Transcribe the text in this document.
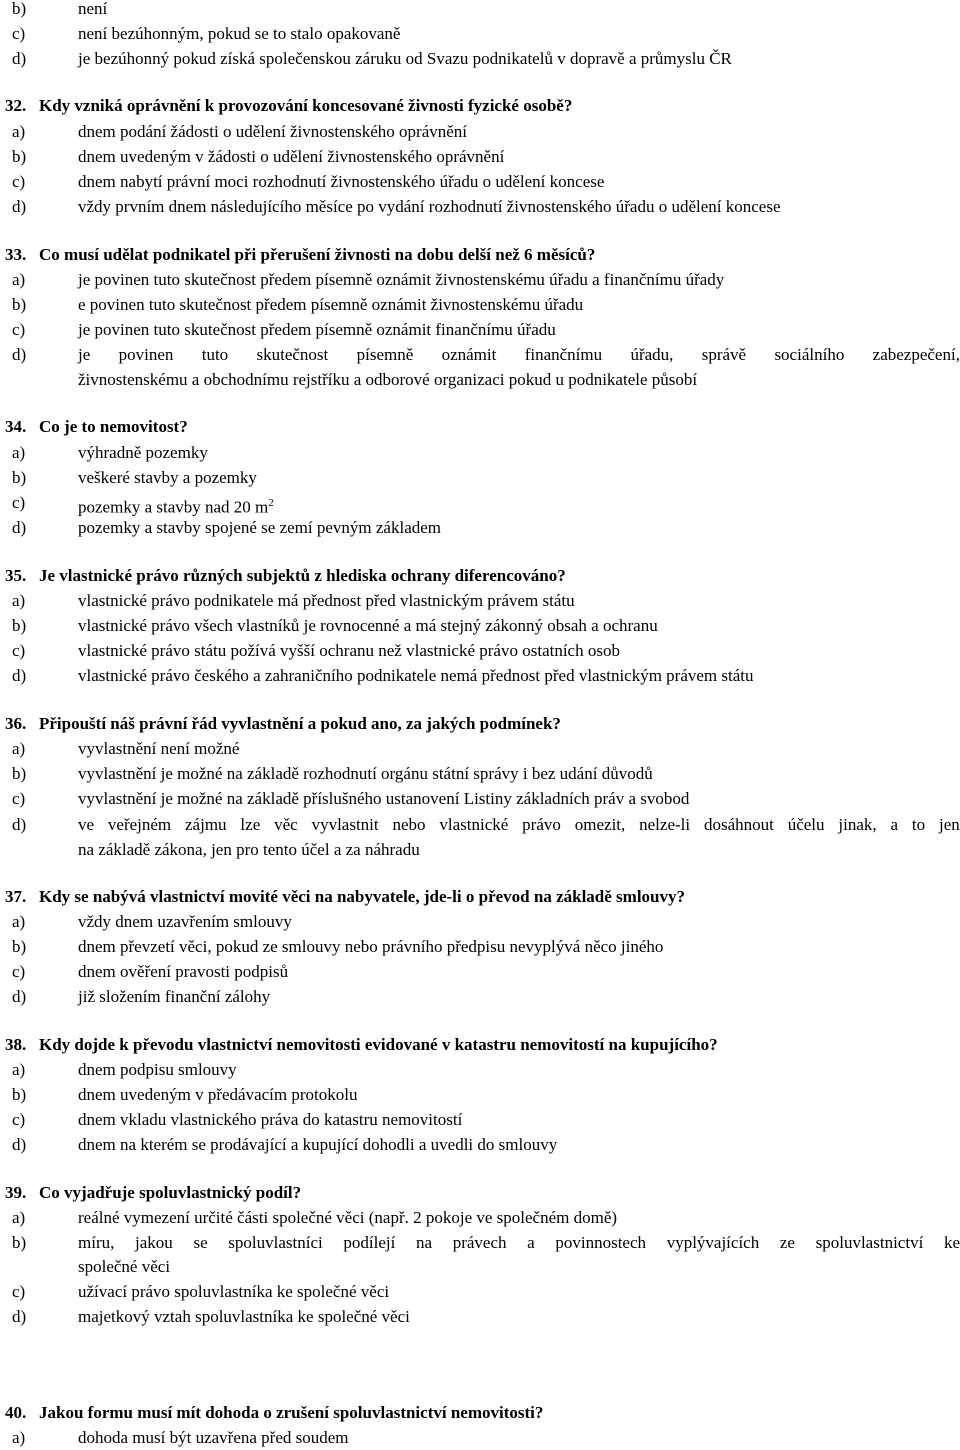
b)	není
c)	není bezúhonným, pokud se to stalo opakovaně
d)	je bezúhonný pokud získá společenskou záruku od Svazu podnikatelů v dopravě a průmyslu ČR
32. Kdy vzniká oprávnění k provozování koncesované živnosti fyzické osobě?
a)	dnem podání žádosti o udělení živnostenského oprávnění
b)	dnem uvedeným v žádosti o udělení živnostenského oprávnění
c)	dnem nabytí právní moci rozhodnutí živnostenského úřadu o udělení koncese
d)	vždy prvním dnem následujícího měsíce po vydání rozhodnutí živnostenského úřadu o udělení koncese
33. Co musí udělat podnikatel při přerušení živnosti na dobu delší než 6 měsíců?
a)	je povinen tuto skutečnost předem písemně oznámit živnostenskému úřadu a finančnímu úřady
b)	e povinen tuto skutečnost předem písemně oznámit živnostenskému úřadu
c)	je povinen tuto skutečnost předem písemně oznámit finančnímu úřadu
d)	je povinen tuto skutečnost písemně oznámit finančnímu úřadu, správě sociálního zabezpečení,
živnostenskému a obchodnímu rejstříku a odborové organizaci pokud u podnikatele působí
34. Co je to nemovitost?
a)	výhradně pozemky
b)	veškeré stavby a pozemky
c)	pozemky a stavby nad 20 $m^2$
d)	pozemky a stavby spojené se zemí pevným základem
35. Je vlastnické právo různých subjektů z hlediska ochrany diferencováno?
a)	vlastnické právo podnikatele má přednost před vlastnickým právem státu
b)	vlastnické právo všech vlastníků je rovnocenné a má stejný zákonný obsah a ochranu
c)	vlastnické právo státu požívá vyšší ochranu než vlastnické právo ostatních osob
d)	vlastnické právo českého a zahraničního podnikatele nemá přednost před vlastnickým právem státu
36. Připouští náš právní řád vyvlastnění a pokud ano, za jakých podmínek?
a)	vyvlastnění není možné
b)	vyvlastnění je možné na základě rozhodnutí orgánu státní správy i bez udání důvodů
c)	vyvlastnění je možné na základě příslušného ustanovení Listiny základních práv a svobod
d)	ve veřejném zájmu lze věc vyvlastnit nebo vlastnické právo omezit, nelze-li dosáhnout účelu jinak, a to jen
na základě zákona, jen pro tento účel a za náhradu
37. Kdy se nabývá vlastnictví movité věci na nabyvatele, jde-li o převod na základě smlouvy?
a)	vždy dnem uzavřením smlouvy
b)	dnem převzetí věci, pokud ze smlouvy nebo právního předpisu nevyplývá něco jiného
c)	dnem ověření pravosti podpisů
d)	již složením finanční zálohy
38. Kdy dojde k převodu vlastnictví nemovitosti evidované v katastru nemovitostí na kupujícího?
a)	dnem podpisu smlouvy
b)	dnem uvedeným v předávacím protokolu
c)	dnem vkladu vlastnického práva do katastru nemovitostí
d)	dnem na kterém se prodávající a kupující dohodli a uvedli do smlouvy
39. Co vyjadřuje spoluvlastnický podíl?
a)	reálné vymezení určité části společné věci (např. 2 pokoje ve společném domě)
b)	míru, jakou se spoluvlastníci podílejí na právech a povinnostech vyplývajících ze spoluvlastnictví ke
společné věci
c)	užívací právo spoluvlastníka ke společné věci
d)	majetkový vztah spoluvlastníka ke společné věci
40. Jakou formu musí mít dohoda o zrušení spoluvlastnictví nemovitosti?
a)	dohoda musí být uzavřena před soudem
